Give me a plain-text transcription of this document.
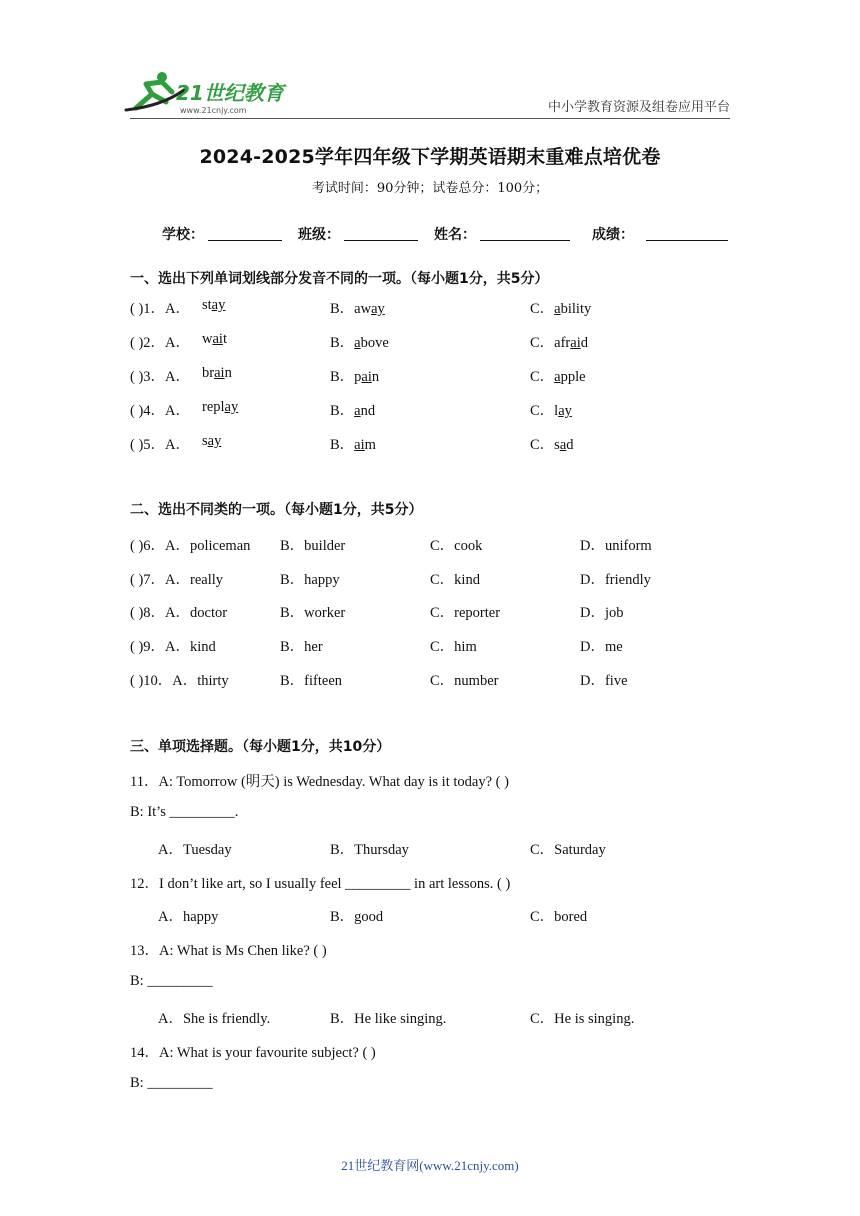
21世纪教育
www.21cnjy.com	中小学教育资源及组卷应用平台
2024-2025学年四年级下学期英语期末重难点培优卷
考试时间：90分钟；试卷总分：100分；
学校：	班级：	姓名：	成绩：
一、选出下列单词划线部分发音不同的一项。（每小题1分，共5分）
( )1．A． stay	B．away	C．ability
( )2．A． wait	B．above	C．afraid
( )3．A． brain	B．pain	C．apple
( )4．A． replay	B．and	C．lay
( )5．A． say	B．aim	C．sad
二、选出不同类的一项。（每小题1分，共5分）
( )6．A．policeman B．builder	C．cook	D．uniform
( )7．A．really	B．happy	C．kind	D．friendly
( )8．A．doctor	B．worker	C．reporter	D．job
( )9．A．kind	B．her	C．him	D．me
( )10．A．thirty	B．fifteen	C．number	D．five
三、单项选择题。（每小题1分，共10分）
11．A: Tomorrow (明天) is Wednesday. What day is it today? ( )
B: It’s _________.
A．Tuesday	B．Thursday	C．Saturday
12．I don’t like art, so I usually feel _________ in art lessons. ( )
A．happy	B．good	C．bored
13．A: What is Ms Chen like? ( )
B: _________
A．She is friendly.	B．He like singing.	C．He is singing.
14．A: What is your favourite subject? ( )
B: _________
21世纪教育网(www.21cnjy.com)
